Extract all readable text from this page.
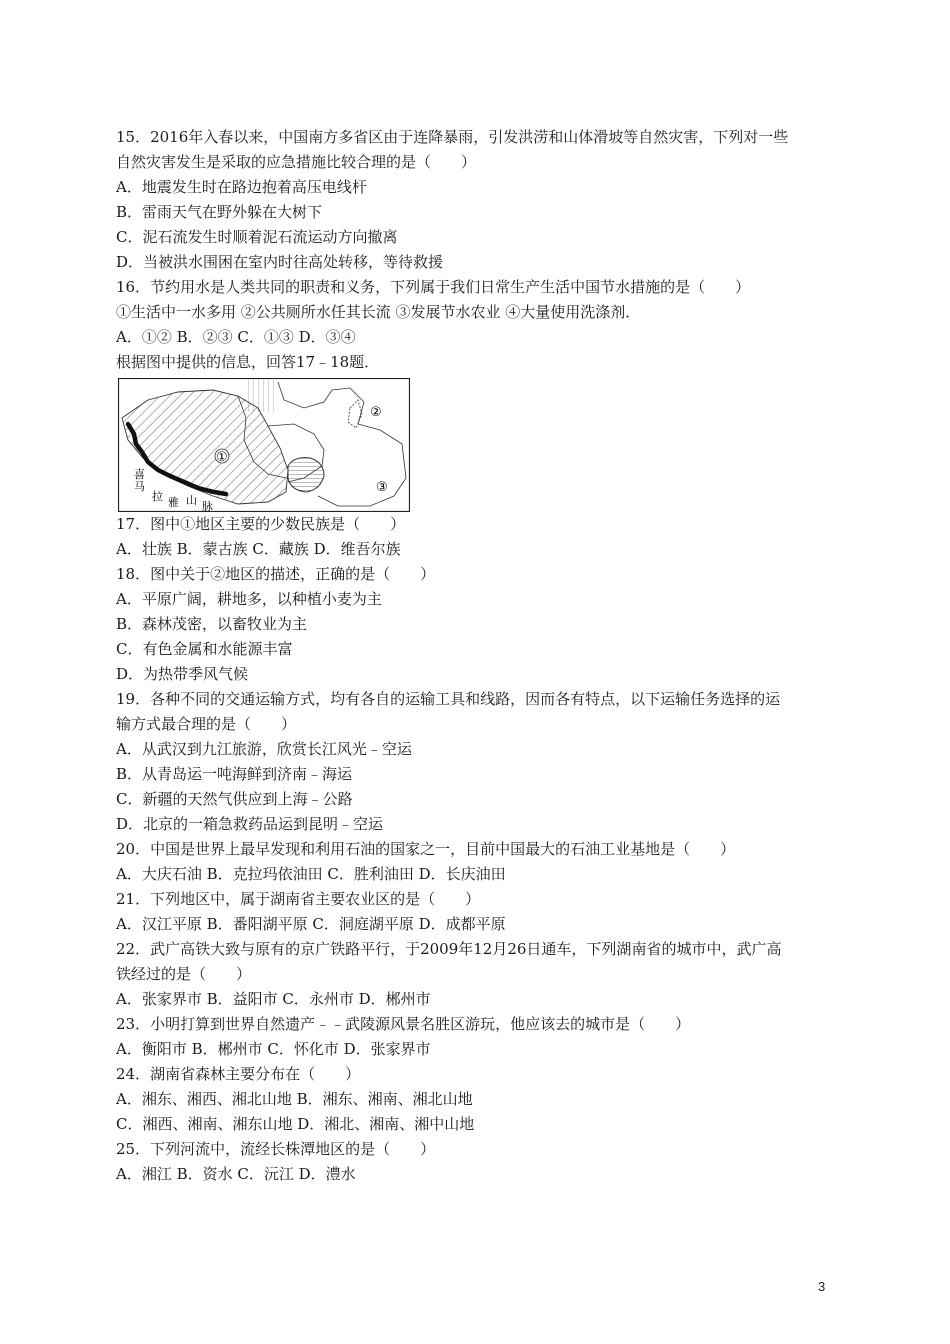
15．2016年入春以来，中国南方多省区由于连降暴雨，引发洪涝和山体滑坡等自然灾害，下列对一些
自然灾害发生是采取的应急措施比较合理的是（　　）
A．地震发生时在路边抱着高压电线杆
B．雷雨天气在野外躲在大树下
C．泥石流发生时顺着泥石流运动方向撤离
D．当被洪水围困在室内时往高处转移，等待救援
16．节约用水是人类共同的职责和义务，下列属于我们日常生产生活中国节水措施的是（　　）
①生活中一水多用 ②公共厕所水任其长流 ③发展节水农业 ④大量使用洗涤剂．
A．①② B．②③ C．①③ D．③④
根据图中提供的信息，回答17﹣18题．
①
②
③
喜
马
拉 雅 山 脉
17．图中①地区主要的少数民族是（　　）
A．壮族 B．蒙古族 C．藏族 D．维吾尔族
18．图中关于②地区的描述，正确的是（　　）
A．平原广阔，耕地多，以种植小麦为主
B．森林茂密，以畜牧业为主
C．有色金属和水能源丰富
D．为热带季风气候
19．各种不同的交通运输方式，均有各自的运输工具和线路，因而各有特点，以下运输任务选择的运
输方式最合理的是（　　）
A．从武汉到九江旅游，欣赏长江风光﹣空运
B．从青岛运一吨海鲜到济南﹣海运
C．新疆的天然气供应到上海﹣公路
D．北京的一箱急救药品运到昆明﹣空运
20．中国是世界上最早发现和利用石油的国家之一，目前中国最大的石油工业基地是（　　）
A．大庆石油 B．克拉玛依油田 C．胜利油田 D．长庆油田
21．下列地区中，属于湖南省主要农业区的是（　　）
A．汉江平原 B．番阳湖平原 C．洞庭湖平原 D．成都平原
22．武广高铁大致与原有的京广铁路平行，于2009年12月26日通车，下列湖南省的城市中，武广高
铁经过的是（　　）
A．张家界市 B．益阳市 C．永州市 D．郴州市
23．小明打算到世界自然遗产﹣﹣武陵源风景名胜区游玩，他应该去的城市是（　　）
A．衡阳市 B．郴州市 C．怀化市 D．张家界市
24．湖南省森林主要分布在（　　）
A．湘东、湘西、湘北山地 B．湘东、湘南、湘北山地
C．湘西、湘南、湘东山地 D．湘北、湘南、湘中山地
25．下列河流中，流经长株潭地区的是（　　）
A．湘江 B．资水 C．沅江 D．澧水
3
